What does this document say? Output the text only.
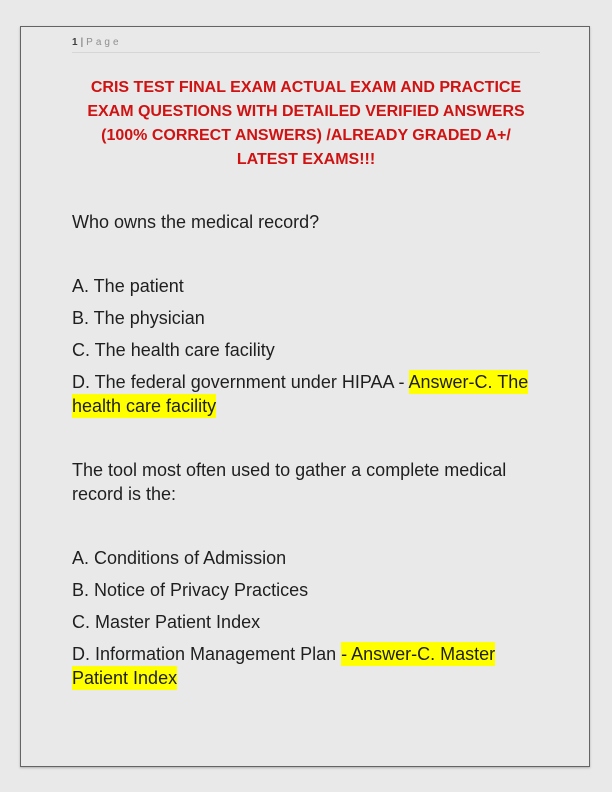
1 | Page
CRIS TEST FINAL EXAM ACTUAL EXAM AND PRACTICE EXAM QUESTIONS WITH DETAILED VERIFIED ANSWERS (100% CORRECT ANSWERS) /ALREADY GRADED A+/ LATEST EXAMS!!!

Who owns the medical record?

A. The patient

B. The physician

C. The health care facility

D. The federal government under HIPAA - Answer-C. The health care facility

The tool most often used to gather a complete medical record is the:

A. Conditions of Admission

B. Notice of Privacy Practices

C. Master Patient Index

D. Information Management Plan - Answer-C. Master Patient Index
